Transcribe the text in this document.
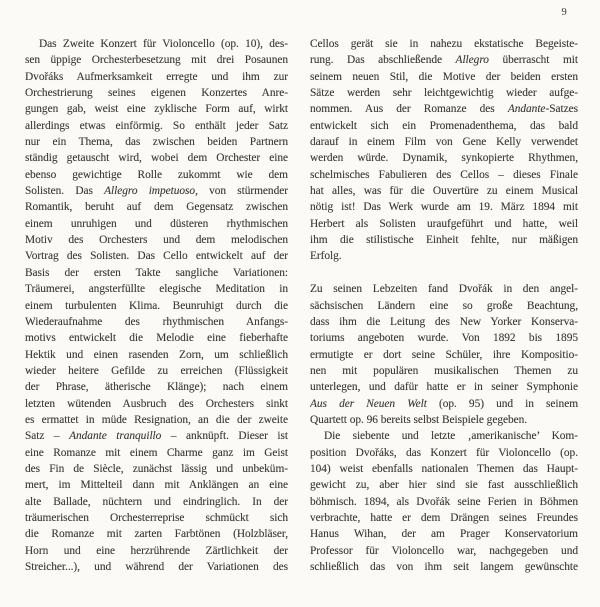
9
Das Zweite Konzert für Violoncello (op. 10), des-
sen üppige Orchesterbesetzung mit drei Posaunen
Dvořáks Aufmerksamkeit erregte und ihm zur
Orchestrierung seines eigenen Konzertes Anre-
gungen gab, weist eine zyklische Form auf, wirkt
allerdings etwas einförmig. So enthält jeder Satz
nur ein Thema, das zwischen beiden Partnern
ständig getauscht wird, wobei dem Orchester eine
ebenso gewichtige Rolle zukommt wie dem
Solisten. Das Allegro impetuoso, von stürmender
Romantik, beruht auf dem Gegensatz zwischen
einem unruhigen und düsteren rhythmischen
Motiv des Orchesters und dem melodischen
Vortrag des Solisten. Das Cello entwickelt auf der
Basis der ersten Takte sangliche Variationen:
Träumerei, angsterfüllte elegische Meditation in
einem turbulenten Klima. Beunruhigt durch die
Wiederaufnahme des rhythmischen Anfangs-
motivs entwickelt die Melodie eine fieberhafte
Hektik und einen rasenden Zorn, um schließlich
wieder heitere Gefilde zu erreichen (Flüssigkeit
der Phrase, ätherische Klänge); nach einem
letzten wütenden Ausbruch des Orchesters sinkt
es ermattet in müde Resignation, an die der zweite
Satz – Andante tranquillo – anknüpft. Dieser ist
eine Romanze mit einem Charme ganz im Geist
des Fin de Siècle, zunächst lässig und unbeküm-
mert, im Mittelteil dann mit Anklängen an eine
alte Ballade, nüchtern und eindringlich. In der
träumerischen Orchesterreprise schmückt sich
die Romanze mit zarten Farbtönen (Holzbläser,
Horn und eine herzrührende Zärtlichkeit der
Streicher...), und während der Variationen des
Cellos gerät sie in nahezu ekstatische Begeiste-
rung. Das abschließende Allegro überrascht mit
seinem neuen Stil, die Motive der beiden ersten
Sätze werden sehr leichtgewichtig wieder aufge-
nommen. Aus der Romanze des Andante-Satzes
entwickelt sich ein Promenadenthema, das bald
darauf in einem Film von Gene Kelly verwendet
werden würde. Dynamik, synkopierte Rhythmen,
schelmisches Fabulieren des Cellos – dieses Finale
hat alles, was für die Ouvertüre zu einem Musical
nötig ist! Das Werk wurde am 19. März 1894 mit
Herbert als Solisten uraufgeführt und hatte, weil
ihm die stilistische Einheit fehlte, nur mäßigen
Erfolg.
Zu seinen Lebzeiten fand Dvořák in den angel-
sächsischen Ländern eine so große Beachtung,
dass ihm die Leitung des New Yorker Konserva-
toriums angeboten wurde. Von 1892 bis 1895
ermutigte er dort seine Schüler, ihre Kompositio-
nen mit populären musikalischen Themen zu
unterlegen, und dafür hatte er in seiner Symphonie
Aus der Neuen Welt (op. 95) und in seinem
Quartett op. 96 bereits selbst Beispiele gegeben.
Die siebente und letzte ‚amerikanische’ Kom-
position Dvořáks, das Konzert für Violoncello (op.
104) weist ebenfalls nationalen Themen das Haupt-
gewicht zu, aber hier sind sie fast ausschließlich
böhmisch. 1894, als Dvořák seine Ferien in Böhmen
verbrachte, hatte er dem Drängen seines Freundes
Hanus Wihan, der am Prager Konservatorium
Professor für Violoncello war, nachgegeben und
schließlich das von ihm seit langem gewünschte
